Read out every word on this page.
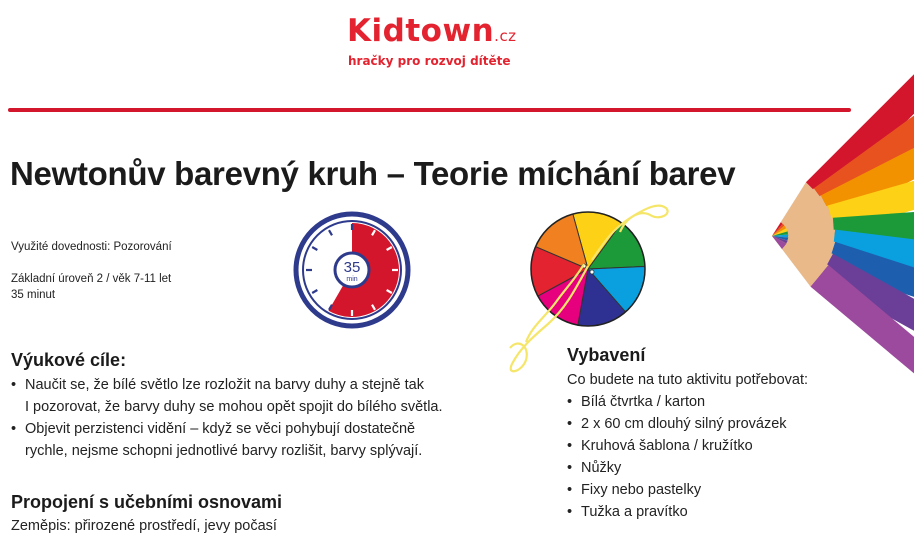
Kidtown.cz
hračky pro rozvoj dítěte
Newtonův barevný kruh – Teorie míchání barev
Využité dovednosti: Pozorování
Základní úroveň 2 / věk 7-11 let
35 minut
35
min
Výukové cíle:
• Naučit se, že bílé světlo lze rozložit na barvy duhy a stejně tak
I pozorovat, že barvy duhy se mohou opět spojit do bílého světla.
• Objevit perzistenci vidění – když se věci pohybují dostatečně
rychle, nejsme schopni jednotlivé barvy rozlišit, barvy splývají.
Propojení s učebními osnovami
Zeměpis: přirozené prostředí, jevy počasí
Vybavení
Co budete na tuto aktivitu potřebovat:
• Bílá čtvrtka / karton
• 2 x 60 cm dlouhý silný provázek
• Kruhová šablona / kružítko
• Nůžky
• Fixy nebo pastelky
• Tužka a pravítko
